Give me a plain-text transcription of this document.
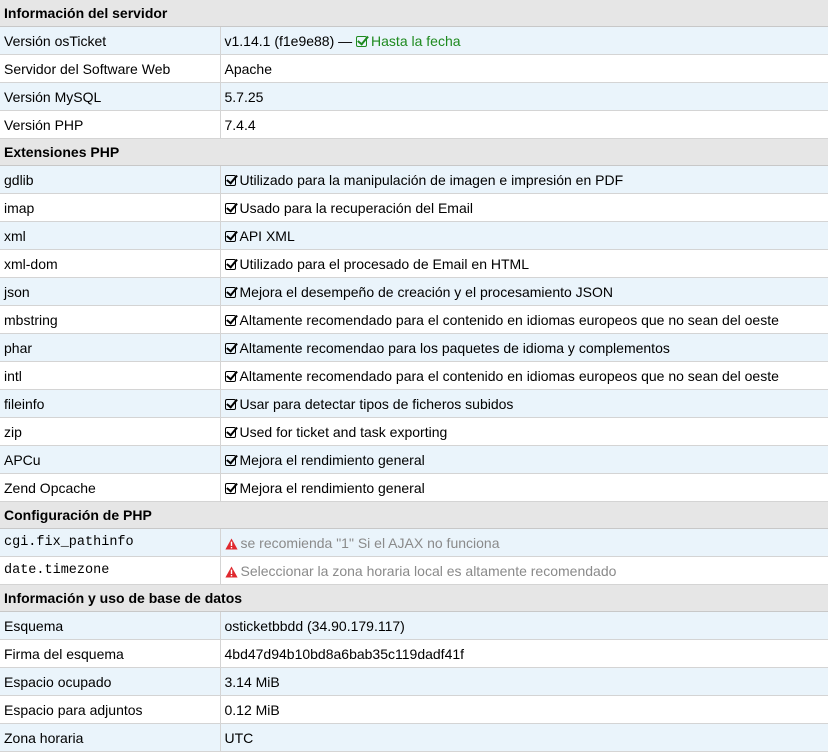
Información del servidor	
Versión osTicket	v1.14.1 (f1e9e88) — Hasta la fecha
Servidor del Software Web	Apache
Versión MySQL	5.7.25
Versión PHP	7.4.4
Extensiones PHP	
gdlib	Utilizado para la manipulación de imagen e impresión en PDF
imap	Usado para la recuperación del Email
xml	API XML
xml-dom	Utilizado para el procesado de Email en HTML
json	Mejora el desempeño de creación y el procesamiento JSON
mbstring	Altamente recomendado para el contenido en idiomas europeos que no sean del oeste
phar	Altamente recomendao para los paquetes de idioma y complementos
intl	Altamente recomendado para el contenido en idiomas europeos que no sean del oeste
fileinfo	Usar para detectar tipos de ficheros subidos
zip	Used for ticket and task exporting
APCu	Mejora el rendimiento general
Zend Opcache	Mejora el rendimiento general
Configuración de PHP	
cgi.fix_pathinfo	se recomienda "1" Si el AJAX no funciona
date.timezone	Seleccionar la zona horaria local es altamente recomendado
Información y uso de base de datos	
Esquema	osticketbbdd (34.90.179.117)
Firma del esquema	4bd47d94b10bd8a6bab35c119dadf41f
Espacio ocupado	3.14 MiB
Espacio para adjuntos	0.12 MiB
Zona horaria	UTC
